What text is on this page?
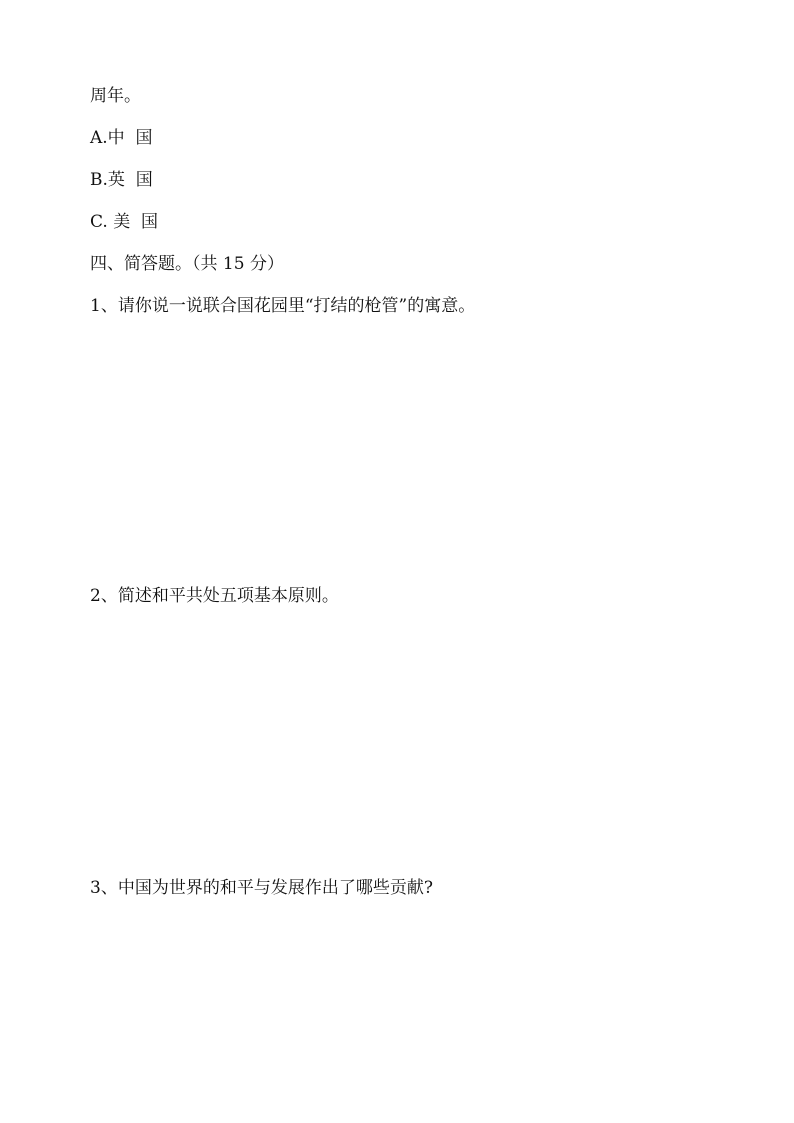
周年。
A.中  国
B.英  国
C. 美  国
四、简答题。（共 15 分）
1、请你说一说联合国花园里“打结的枪管”的寓意。
2、简述和平共处五项基本原则。
3、中国为世界的和平与发展作出了哪些贡献?
